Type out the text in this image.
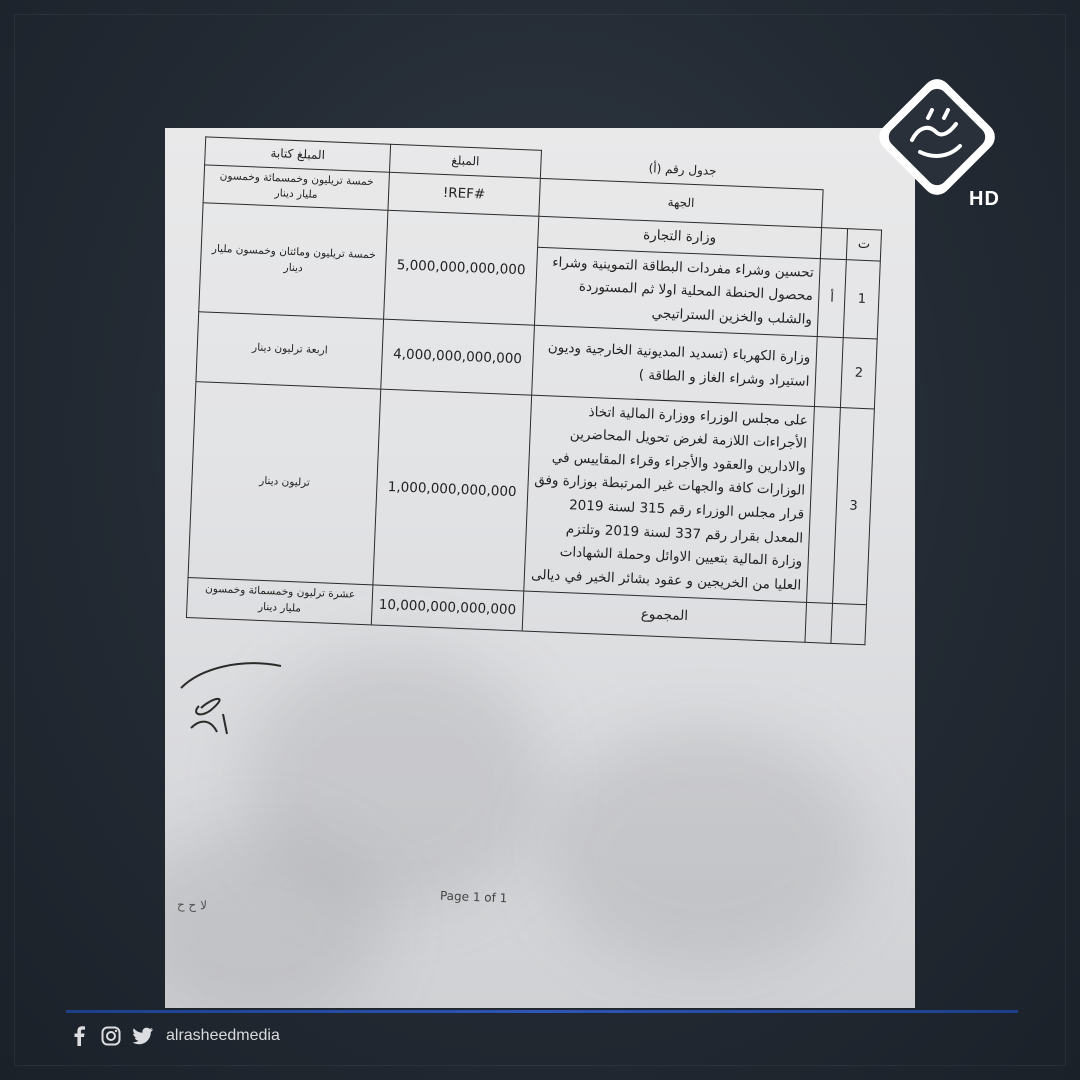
		جدول رقم (أ)	المبلغ	المبلغ كتابة
		الجهة	#REF!	خمسة تريليون وخمسمائة وخمسون مليار دينار
ت		وزارة التجارة	5,000,000,000,000	خمسة تريليون ومائتان وخمسون مليار دينار
1	أ	تحسين وشراء مفردات البطاقة التموينية وشراء محصول الحنطة المحلية اولا ثم المستوردة والشلب والخزين الستراتيجي		
2		وزارة الكهرباء (تسديد المديونية الخارجية وديون استيراد وشراء الغاز و الطاقة )	4,000,000,000,000	اربعة ترليون دينار
3		على مجلس الوزراء ووزارة المالية اتخاذ الأجراءات اللازمة لغرض تحويل المحاضرين والادارين والعقود والأجراء وقراء المقاييس في الوزارات كافة والجهات غير المرتبطة بوزارة وفق قرار مجلس الوزراء رقم 315 لسنة 2019 المعدل بقرار رقم 337 لسنة 2019 وتلتزم وزارة المالية بتعيين الاوائل وحملة الشهادات العليا من الخريجين و عقود بشائر الخير في ديالى	1,000,000,000,000	ترليون دينار
		المجموع	10,000,000,000,000	عشرة ترليون وخمسمائة وخمسون مليار دينار
Page 1 of 1
ﻻ ﺡ ﺡ
HD
alrasheedmedia
